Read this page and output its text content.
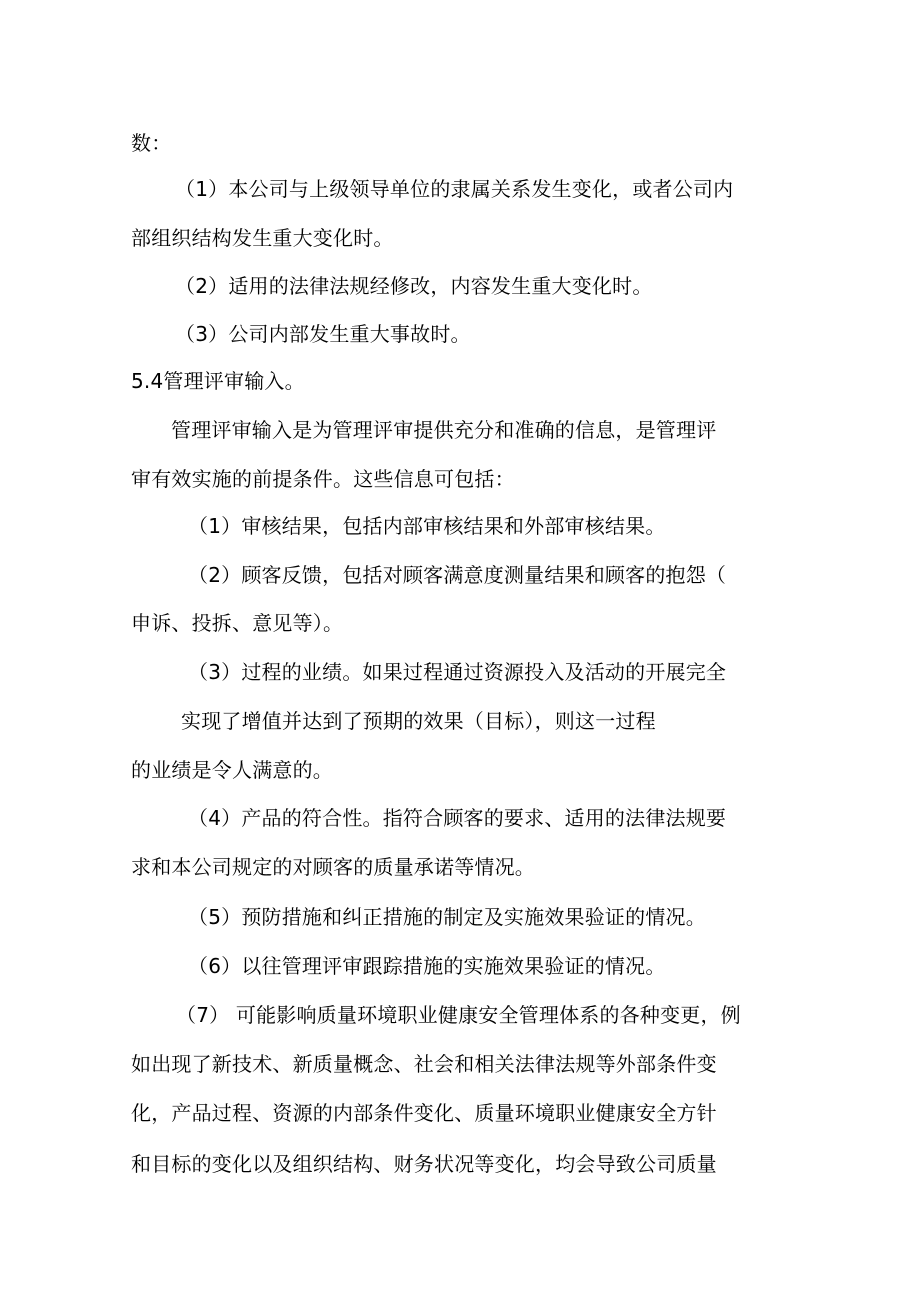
数：
（1）本公司与上级领导单位的隶属关系发生变化，或者公司内
部组织结构发生重大变化时。
（2）适用的法律法规经修改，内容发生重大变化时。
（3）公司内部发生重大事故时。
5.4管理评审输入。
管理评审输入是为管理评审提供充分和准确的信息，是管理评
审有效实施的前提条件。这些信息可包括：
（1）审核结果，包括内部审核结果和外部审核结果。
（2）顾客反馈，包括对顾客满意度测量结果和顾客的抱怨（
申诉、投拆、意见等）。
（3）过程的业绩。如果过程通过资源投入及活动的开展完全
实现了增值并达到了预期的效果（目标），则这一过程
的业绩是令人满意的。
（4）产品的符合性。指符合顾客的要求、适用的法律法规要
求和本公司规定的对顾客的质量承诺等情况。
（5）预防措施和纠正措施的制定及实施效果验证的情况。
（6）以往管理评审跟踪措施的实施效果验证的情况。
（7） 可能影响质量环境职业健康安全管理体系的各种变更，例
如出现了新技术、新质量概念、社会和相关法律法规等外部条件变
化，产品过程、资源的内部条件变化、质量环境职业健康安全方针
和目标的变化以及组织结构、财务状况等变化，均会导致公司质量
